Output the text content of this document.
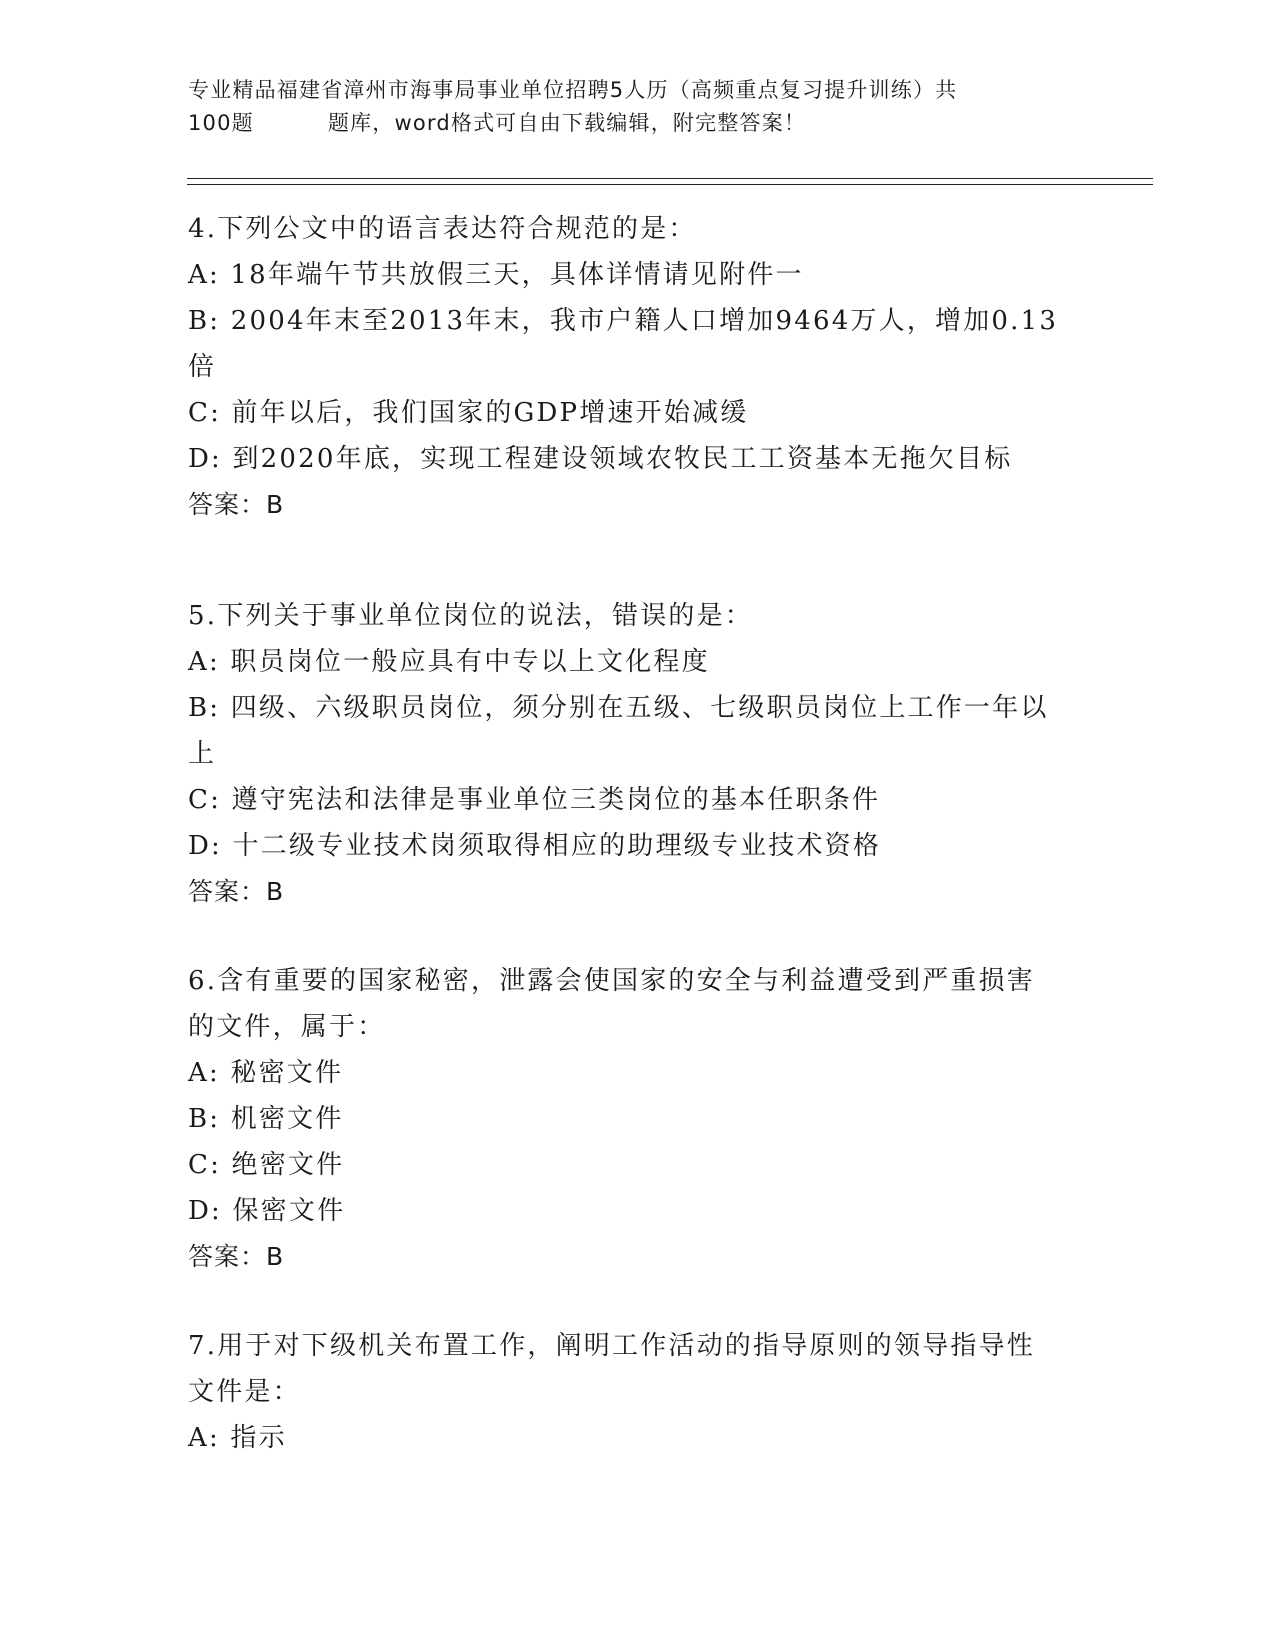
专业精品福建省漳州市海事局事业单位招聘5人历（高频重点复习提升训练）共
100题	题库，word格式可自由下载编辑，附完整答案！
4.下列公文中的语言表达符合规范的是：
A: 18年端午节共放假三天，具体详情请见附件一
B: 2004年末至2013年末，我市户籍人口增加9464万人，增加0.13
倍
C: 前年以后，我们国家的GDP增速开始减缓
D: 到2020年底，实现工程建设领域农牧民工工资基本无拖欠目标
答案：B
5.下列关于事业单位岗位的说法，错误的是：
A: 职员岗位一般应具有中专以上文化程度
B: 四级、六级职员岗位，须分别在五级、七级职员岗位上工作一年以
上
C: 遵守宪法和法律是事业单位三类岗位的基本任职条件
D: 十二级专业技术岗须取得相应的助理级专业技术资格
答案：B
6.含有重要的国家秘密，泄露会使国家的安全与利益遭受到严重损害
的文件，属于：
A: 秘密文件
B: 机密文件
C: 绝密文件
D: 保密文件
答案：B
7.用于对下级机关布置工作，阐明工作活动的指导原则的领导指导性
文件是：
A: 指示
